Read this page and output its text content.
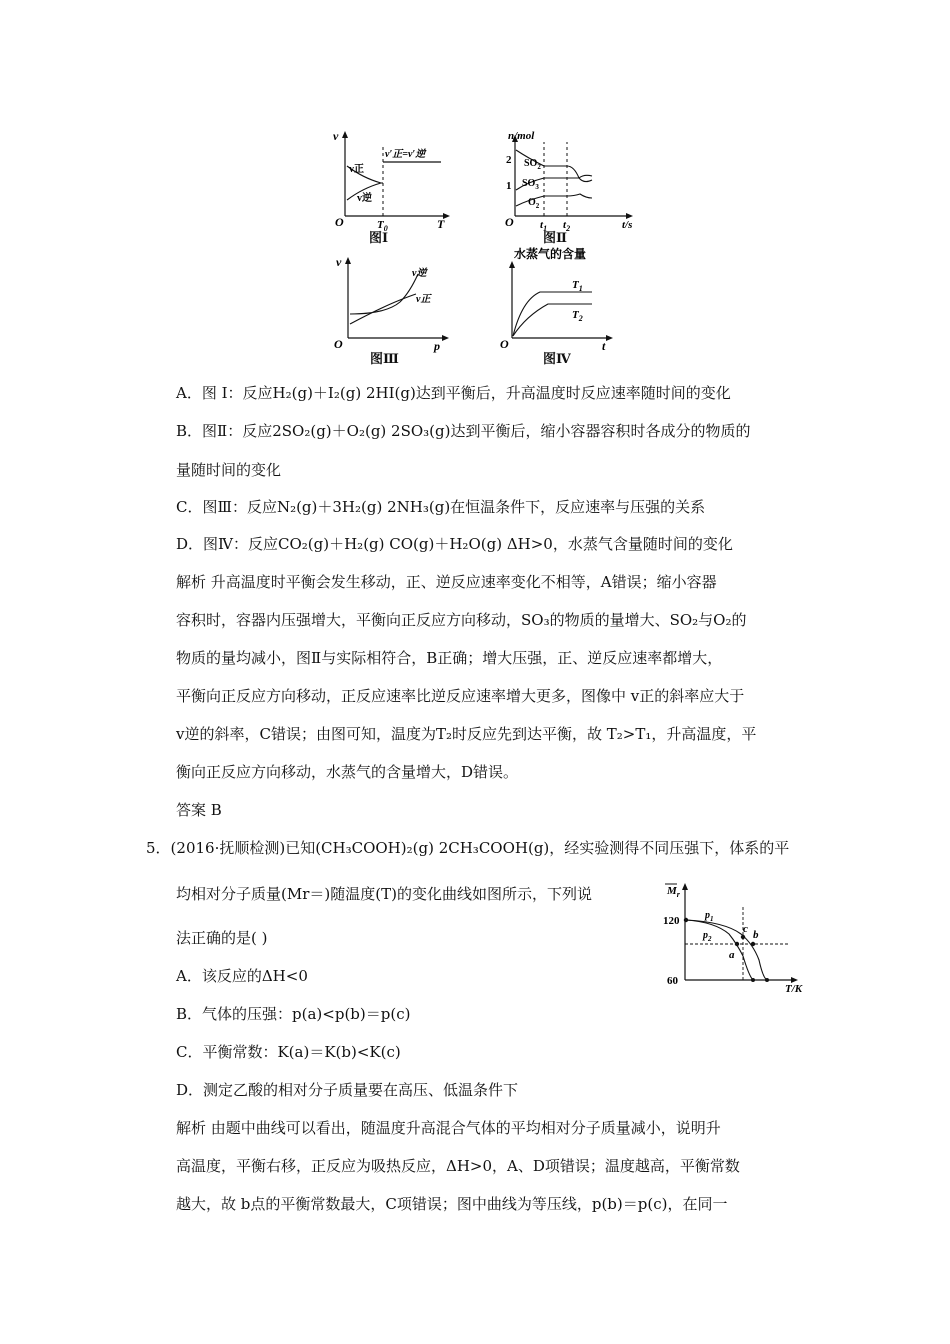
v
O	T
$T_0$
v正
v逆
v′正=v′逆
图Ⅰ
n/mol
O	t/s
2
1
$t_1$ $t_2$
$SO_2$
$SO_3$
$O_2$
图Ⅱ
v
O	p
v逆
v正
图Ⅲ
水蒸气的含量
O	t
$T_1$
$T_2$
图Ⅳ
A．图 Ⅰ：反应H₂(g)＋I₂(g) 2HI(g)达到平衡后，升高温度时反应速率随时间的变化
B．图Ⅱ：反应2SO₂(g)＋O₂(g) 2SO₃(g)达到平衡后，缩小容器容积时各成分的物质的
量随时间的变化
C．图Ⅲ：反应N₂(g)＋3H₂(g) 2NH₃(g)在恒温条件下，反应速率与压强的关系
D．图Ⅳ：反应CO₂(g)＋H₂(g) CO(g)＋H₂O(g) ΔH>0，水蒸气含量随时间的变化
解析 升高温度时平衡会发生移动，正、逆反应速率变化不相等，A错误；缩小容器
容积时，容器内压强增大，平衡向正反应方向移动，SO₃的物质的量增大、SO₂与O₂的
物质的量均减小，图Ⅱ与实际相符合，B正确；增大压强，正、逆反应速率都增大，
平衡向正反应方向移动，正反应速率比逆反应速率增大更多，图像中 v正的斜率应大于
v逆的斜率，C错误；由图可知，温度为T₂时反应先到达平衡，故 T₂>T₁，升高温度，平
衡向正反应方向移动，水蒸气的含量增大，D错误。
答案 B
5．(2016·抚顺检测)已知(CH₃COOH)₂(g) 2CH₃COOH(g)，经实验测得不同压强下，体系的平
均相对分子质量(Mr＝)随温度(T)的变化曲线如图所示，下列说
法正确的是( )
A．该反应的ΔH<0
B．气体的压强：p(a)<p(b)＝p(c)
C．平衡常数：K(a)＝K(b)<K(c)
D．测定乙酸的相对分子质量要在高压、低温条件下
解析 由题中曲线可以看出，随温度升高混合气体的平均相对分子质量减小，说明升
高温度，平衡右移，正反应为吸热反应，ΔH>0，A、D项错误；温度越高，平衡常数
越大，故 b点的平衡常数最大，C项错误；图中曲线为等压线，p(b)＝p(c)，在同一
$M_r$
T/K
120
60
$p_1$
$p_2$
a
b
c
